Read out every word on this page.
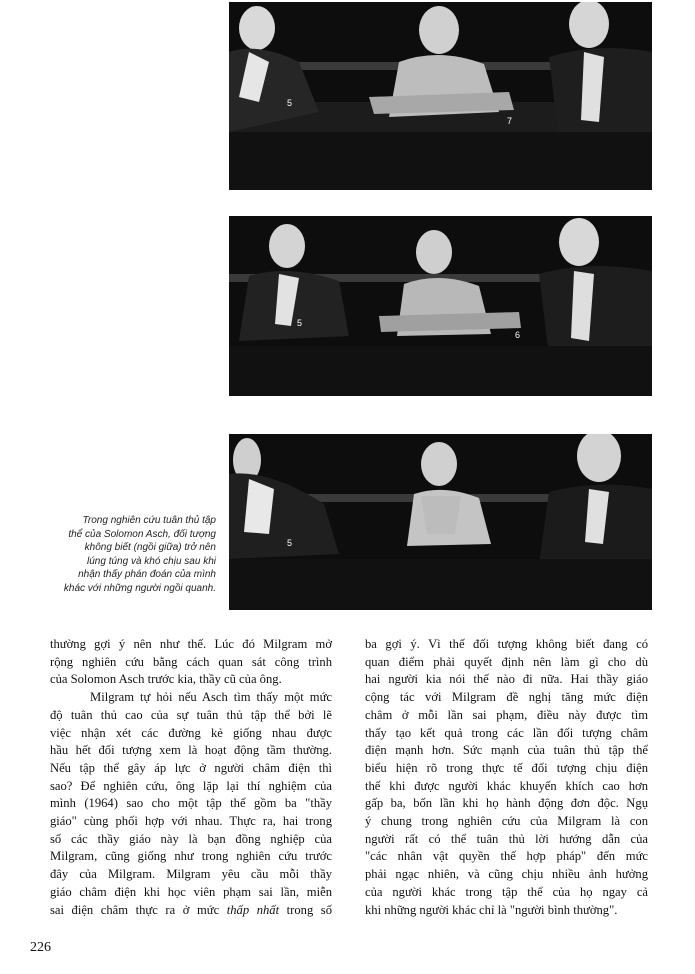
5
7
5
6
5
Trong nghiên cứu tuân thủ tập
thể của Solomon Asch, đối tượng
không biết (ngồi giữa) trở nên
lúng túng và khó chịu sau khi
nhận thấy phán đoán của mình
khác với những người ngồi quanh.
thường gợi ý nên như thế. Lúc đó Milgram mở
rộng nghiên cứu bằng cách quan sát công trình
của Solomon Asch trước kia, thầy cũ của ông.
Milgram tự hỏi nếu Asch tìm thấy một mức
độ tuân thủ cao của sự tuân thủ tập thể bởi lẽ
việc nhận xét các đường kẻ giống nhau được
hầu hết đối tượng xem là hoạt động tầm thường.
Nếu tập thể gây áp lực ở người châm điện thì
sao? Để nghiên cứu, ông lặp lại thí nghiệm của
mình (1964) sao cho một tập thể gồm ba "thầy
giáo" cùng phối hợp với nhau. Thực ra, hai trong
số các thầy giáo này là bạn đồng nghiệp của
Milgram, cũng giống như trong nghiên cứu trước
đây của Milgram. Milgram yêu cầu mỗi thầy
giáo châm điện khi học viên phạm sai lần, miễn
sai điện châm thực ra ở mức thấp nhất trong số
ba gợi ý. Vì thế đối tượng không biết đang có
quan điểm phải quyết định nên làm gì cho dù
hai người kia nói thế nào đi nữa. Hai thầy giáo
cộng tác với Milgram đề nghị tăng mức điện
châm ở mỗi lần sai phạm, điều này được tìm
thấy tạo kết quả trong các lần đối tượng châm
điện mạnh hơn. Sức mạnh của tuân thủ tập thể
biểu hiện rõ trong thực tế đối tượng chịu điện
thế khi được người khác khuyến khích cao hơn
gấp ba, bốn lần khi họ hành động đơn độc. Ngụ
ý chung trong nghiên cứu của Milgram là con
người rất có thể tuân thủ lời hướng dẫn của
"các nhân vật quyền thế hợp pháp" đến mức
phải ngạc nhiên, và cũng chịu nhiều ảnh hưởng
của người khác trong tập thể của họ ngay cả
khi những người khác chỉ là "người bình thường".
226
